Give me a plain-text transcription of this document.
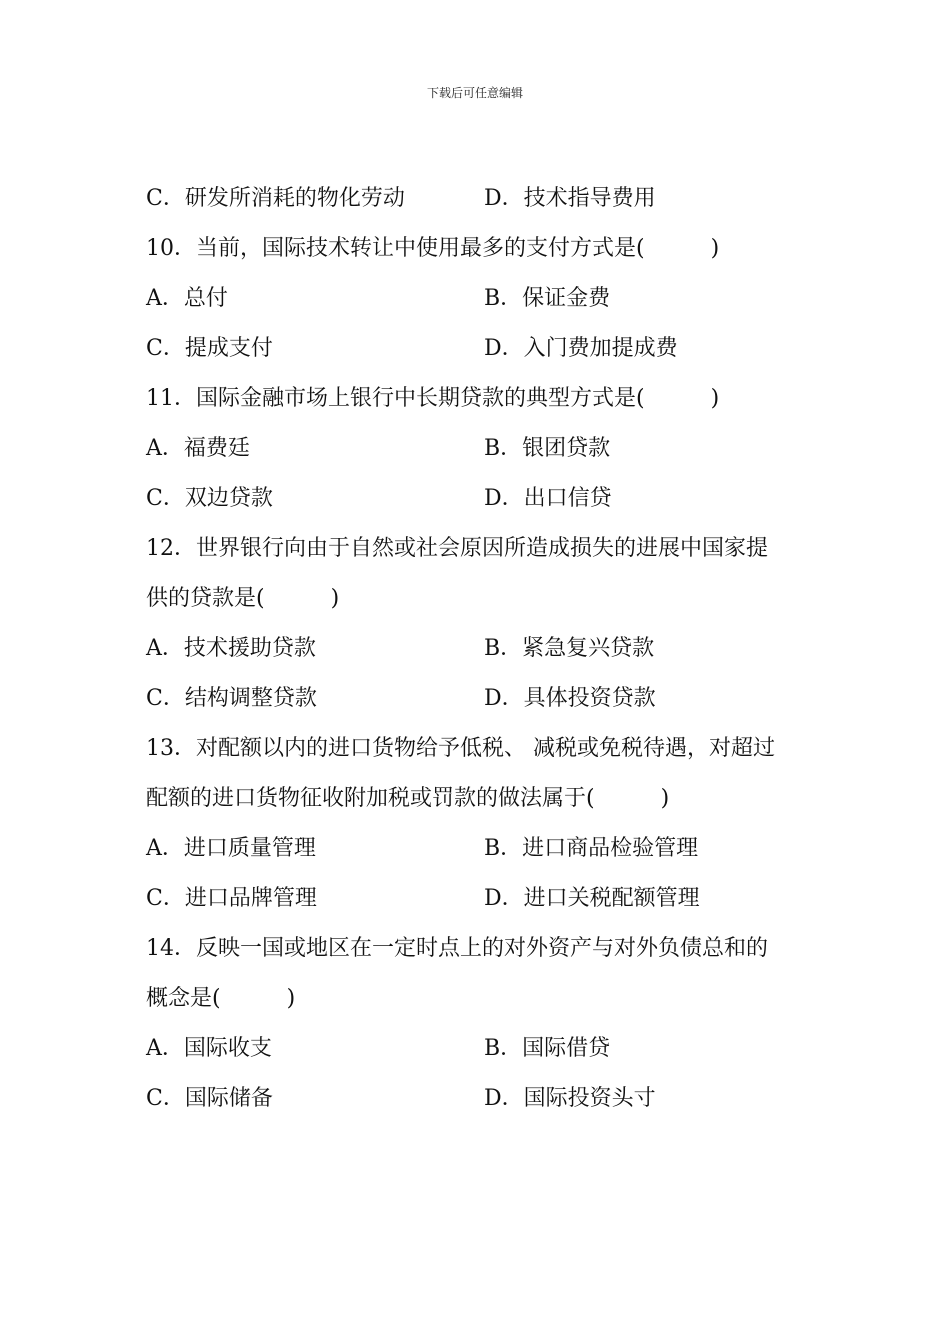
下载后可任意编辑
C．研发所消耗的物化劳动	D．技术指导费用
10．当前，国际技术转让中使用最多的支付方式是(　　　)
A．总付	B．保证金费
C．提成支付	D．入门费加提成费
11．国际金融市场上银行中长期贷款的典型方式是(　　　)
A．福费廷	B．银团贷款
C．双边贷款	D．出口信贷
12．世界银行向由于自然或社会原因所造成损失的进展中国家提
供的贷款是(　　　)
A．技术援助贷款	B．紧急复兴贷款
C．结构调整贷款	D．具体投资贷款
13．对配额以内的进口货物给予低税、 减税或免税待遇，对超过
配额的进口货物征收附加税或罚款的做法属于(　　　)
A．进口质量管理	B．进口商品检验管理
C．进口品牌管理	D．进口关税配额管理
14．反映一国或地区在一定时点上的对外资产与对外负债总和的
概念是(　　　)
A．国际收支	B．国际借贷
C．国际储备	D．国际投资头寸
